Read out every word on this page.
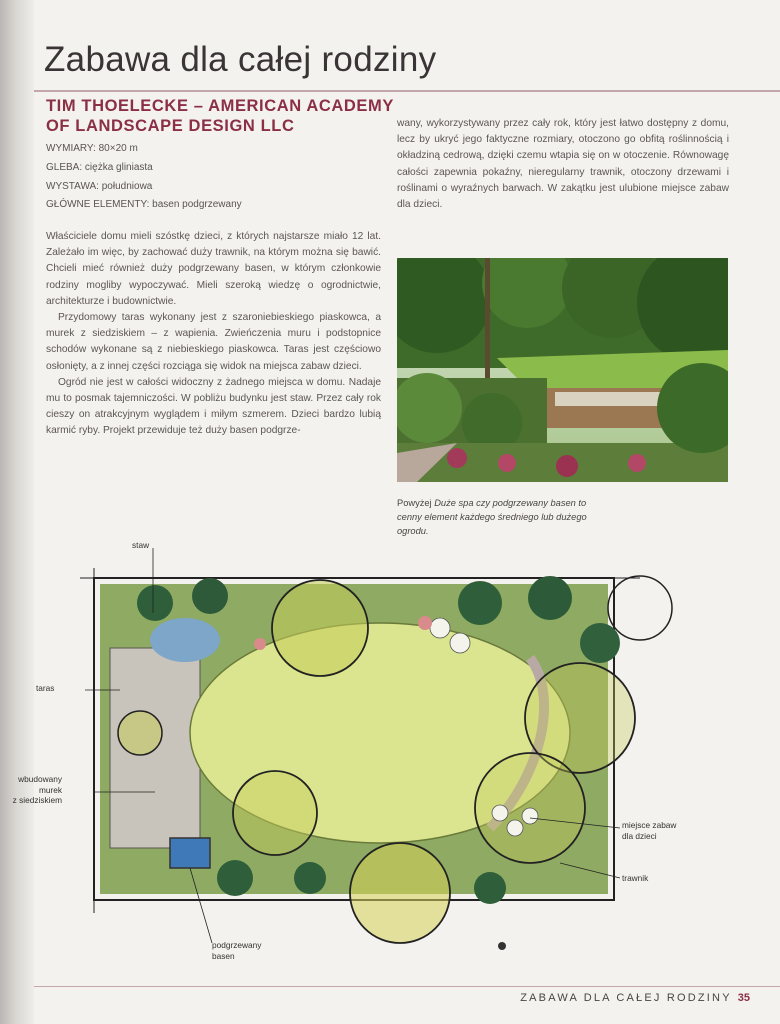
Zabawa dla całej rodziny
TIM THOELECKE – AMERICAN ACADEMY OF LANDSCAPE DESIGN LLC
WYMIARY: 80×20 m
GLEBA: ciężka gliniasta
WYSTAWA: południowa
GŁÓWNE ELEMENTY: basen podgrzewany

Właściciele domu mieli szóstkę dzieci, z których najstarsze miało 12 lat. Zależało im więc, by zachować duży trawnik, na którym można się bawić. Chcieli mieć również duży podgrzewany basen, w którym członkowie rodziny mogliby wypoczywać. Mieli szeroką wiedzę o ogrodnictwie, architekturze i budownictwie.

Przydomowy taras wykonany jest z szaroniebieskiego piaskowca, a murek z siedziskiem – z wapienia. Zwieńczenia muru i podstopnice schodów wykonane są z niebieskiego piaskowca. Taras jest częściowo osłonięty, a z innej części rozciąga się widok na miejsca zabaw dzieci.

Ogród nie jest w całości widoczny z żadnego miejsca w domu. Nadaje mu to posmak tajemniczości. W pobliżu budynku jest staw. Przez cały rok cieszy on atrakcyjnym wyglądem i miłym szmerem. Dzieci bardzo lubią karmić ryby. Projekt przewiduje też duży basen podgrze-

wany, wykorzystywany przez cały rok, który jest łatwo dostępny z domu, lecz by ukryć jego faktyczne rozmiary, otoczono go obfitą roślinnością i okładziną cedrową, dzięki czemu wtapia się on w otoczenie. Równowagę całości zapewnia pokaźny, nieregularny trawnik, otoczony drzewami i roślinami o wyraźnych barwach. W zakątku jest ulubione miejsce zabaw dla dzieci.

Powyżej Duże spa czy podgrzewany basen to cenny element każdego średniego lub dużego ogrodu.
staw
taras
wbudowany
murek
z siedziskiem
miejsce zabaw
dla dzieci
trawnik
podgrzewany
basen
ZABAWA DLA CAŁEJ RODZINY 35
